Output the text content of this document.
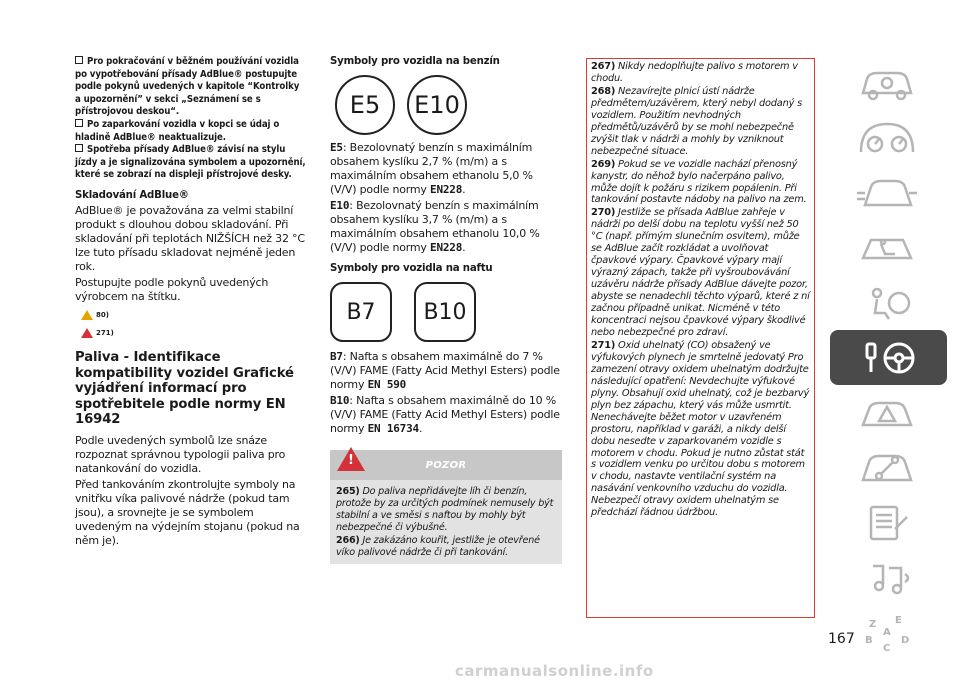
Pro pokračování v běžném používání vozidla po vypotřebování přísady AdBlue® postupujte podle pokynů uvedených v kapitole “Kontrolky a upozornění” v sekci „Seznámení se s přístrojovou deskou“.

Po zaparkování vozidla v kopci se údaj o hladině AdBlue® neaktualizuje.

Spotřeba přísady AdBlue® závisí na stylu jízdy a je signalizována symbolem a upozornění, které se zobrazí na displeji přístrojové desky.

Skladování AdBlue®

AdBlue® je považována za velmi stabilní produkt s dlouhou dobou skladování. Při skladování při teplotách NIŽŠÍCH než 32 °C lze tuto přísadu skladovat nejméně jeden rok.

Postupujte podle pokynů uvedených výrobcem na štítku.

80)
271)
Paliva - Identifikace kompatibility vozidel Grafické vyjádření informací pro spotřebitele podle normy EN 16942

Podle uvedených symbolů lze snáze rozpoznat správnou typologii paliva pro natankování do vozidla.

Před tankováním zkontrolujte symboly na vnitřku víka palivové nádrže (pokud tam jsou), a srovnejte je se symbolem uvedeným na výdejním stojanu (pokud na něm je).

Symboly pro vozidla na benzín
E5	E10

E5: Bezolovnatý benzín s maximálním obsahem kyslíku 2,7 % (m/m) a s maximálním obsahem ethanolu 5,0 % (V/V) podle normy EN228.

E10: Bezolovnatý benzín s maximálním obsahem kyslíku 3,7 % (m/m) a s maximálním obsahem ethanolu 10,0 % (V/V) podle normy EN228.

Symboly pro vozidla na naftu
B7	B10

B7: Nafta s obsahem maximálně do 7 % (V/V) FAME (Fatty Acid Methyl Esters) podle normy EN 590

B10: Nafta s obsahem maximálně do 10 % (V/V) FAME (Fatty Acid Methyl Esters) podle normy EN 16734.

!
POZOR

265) Do paliva nepřidávejte líh či benzín, protože by za určitých podmínek nemusely být stabilní a ve směsi s naftou by mohly být nebezpečné či výbušné.

266) Je zakázáno kouřit, jestliže je otevřené víko palivové nádrže či při tankování.

267) Nikdy nedoplňujte palivo s motorem v chodu.

268) Nezavírejte plnicí ústí nádrže předmětem/uzávěrem, který nebyl dodaný s vozidlem. Použitím nevhodných předmětů/uzávěrů by se mohl nebezpečně zvýšit tlak v nádrži a mohly by vzniknout nebezpečné situace.

269) Pokud se ve vozidle nachází přenosný kanystr, do něhož bylo načerpáno palivo, může dojít k požáru s rizikem popálenin. Při tankování postavte nádoby na palivo na zem.

270) Jestliže se přísada AdBlue zahřeje v nádrži po delší dobu na teplotu vyšší než 50 °C (např. přímým slunečním osvitem), může se AdBlue začít rozkládat a uvolňovat čpavkové výpary. Čpavkové výpary mají výrazný zápach, takže při vyšroubovávání uzávěru nádrže přísady AdBlue dávejte pozor, abyste se nenadechli těchto výparů, které z ní začnou případně unikat. Nicméně v této koncentraci nejsou čpavkové výpary škodlivé nebo nebezpečné pro zdraví.

271) Oxid uhelnatý (CO) obsažený ve výfukových plynech je smrtelně jedovatý Pro zamezení otravy oxidem uhelnatým dodržujte následující opatření: Nevdechujte výfukové plyny. Obsahují oxid uhelnatý, což je bezbarvý plyn bez zápachu, který vás může usmrtit. Nenechávejte běžet motor v uzavřeném prostoru, například v garáži, a nikdy delší dobu nesedte v zaparkovaném vozidle s motorem v chodu. Pokud je nutno zůstat stát s vozidlem venku po určitou dobu s motorem v chodu, nastavte ventilační systém na nasávání venkovního vzduchu do vozidla. Nebezpečí otravy oxidem uhelnatým se předchází řádnou údržbou.

Z E
B
A
D
C
167
carmanualsonline.info
